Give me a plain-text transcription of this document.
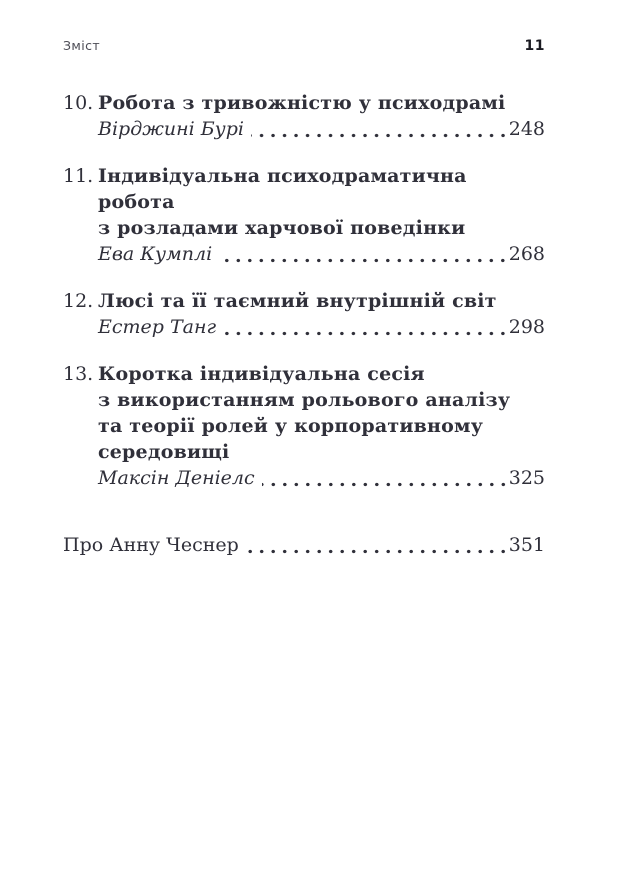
Зміст	11
10. Робота з тривожністю у психодрамі
Вірджині Бурі	248
11. Індивідуальна психодраматична робота
з розладами харчової поведінки
Ева Кумплі	268
12. Люсі та її таємний внутрішній світ
Естер Танг	298
13. Коротка індивідуальна сесія
з використанням рольового аналізу
та теорії ролей у корпоративному
середовищі
Максін Деніелс	325
Про Анну Чеснер	351
